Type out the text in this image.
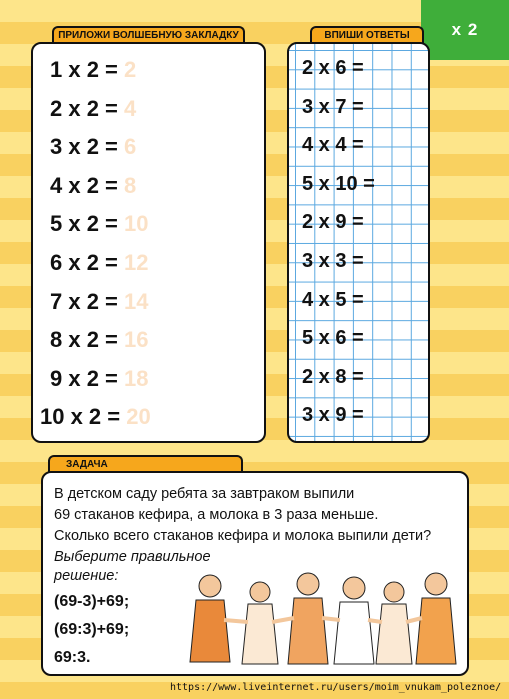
x 2
ПРИЛОЖИ ВОЛШЕБНУЮ ЗАКЛАДКУ	ВПИШИ ОТВЕТЫ
1 х 2 = 2
2 х 2 = 4
3 х 2 = 6
4 х 2 = 8
5 х 2 = 10
6 х 2 = 12
7 х 2 = 14
8 х 2 = 16
9 х 2 = 18
10 х 2 = 20
2 х 6 =
3 х 7 =
4 х 4 =
5 х 10 =
2 х 9 =
3 х 3 =
4 х 5 =
5 х 6 =
2 х 8 =
3 х 9 =
ЗАДАЧА
В детском саду ребята за завтраком выпили
69 стаканов кефира, а молока в 3 раза меньше.
Сколько всего стаканов кефира и молока выпили дети?
Выберите правильное
решение:
(69-3)+69;
(69:3)+69;
69:3.
https://www.liveinternet.ru/users/moim_vnukam_poleznoe/
